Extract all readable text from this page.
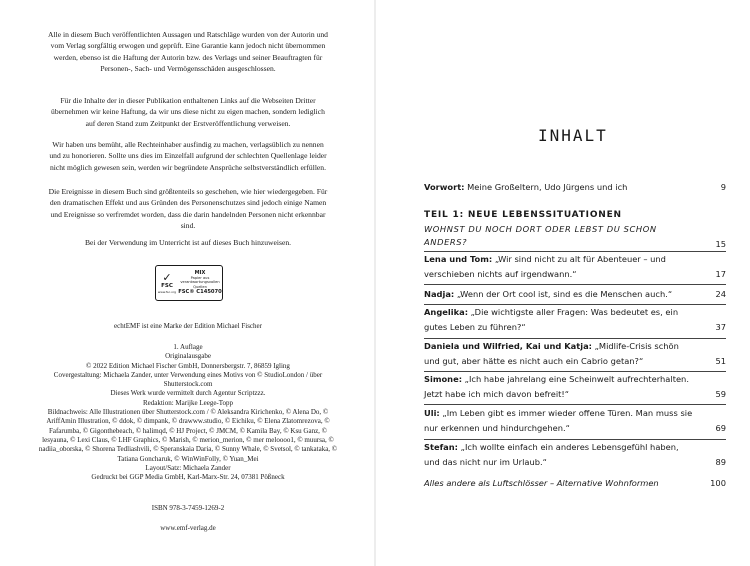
Alle in diesem Buch veröffentlichten Aussagen und Ratschläge wurden von der Autorin und vom Verlag sorgfältig erwogen und geprüft. Eine Garantie kann jedoch nicht übernommen werden, ebenso ist die Haftung der Autorin bzw. des Verlags und seiner Beauftragten für Personen-, Sach- und Vermögensschäden ausgeschlossen.

Für die Inhalte der in dieser Publikation enthaltenen Links auf die Webseiten Dritter übernehmen wir keine Haftung, da wir uns diese nicht zu eigen machen, sondern lediglich auf deren Stand zum Zeitpunkt der Erstveröffentlichung verweisen.

Wir haben uns bemüht, alle Rechteinhaber ausfindig zu machen, verlagsüblich zu nennen und zu honorieren. Sollte uns dies im Einzelfall aufgrund der schlechten Quellenlage leider nicht möglich gewesen sein, werden wir begründete Ansprüche selbstverständlich erfüllen.

Die Ereignisse in diesem Buch sind größtenteils so geschehen, wie hier wiedergegeben. Für den dramatischen Effekt und aus Gründen des Personenschutzes sind jedoch einige Namen und Ereignisse so verfremdet worden, dass die darin handelnden Personen nicht erkennbar sind.

Bei der Verwendung im Unterricht ist auf dieses Buch hinzuweisen.

✓
FSC
www.fsc.org
MIX
Papier aus verantwortungsvollen Quellen
FSC® C145070

echtEMF ist eine Marke der Edition Michael Fischer

1. Auflage
Originalausgabe
© 2022 Edition Michael Fischer GmbH, Donnersbergstr. 7, 86859 Igling
Covergestaltung: Michaela Zander, unter Verwendung eines Motivs von © StudioLondon / über Shutterstock.com
Dieses Werk wurde vermittelt durch Agentur Scriptzzz.
Redaktion: Marijke Leege-Topp
Bildnachweis: Alle Illustrationen über Shutterstock.com / © Aleksandra Kirichenko, © Alena Do, © AriffAmin Illustration, © ddok, © dimpank, © drawww.studio, © Eichiku, © Elena Zlatomrezova, © Fafarumba, © Gigonthebeach, © halimqd, © HJ Project, © JMCM, © Kamila Bay, © Ksu Ganz, © lesyauna, © Lexi Claus, © LHF Graphics, © Marish, © merion_merion, © mer meloooo1, © muursa, © nadiia_oborska, © Shorena Tedliashvili, © Speranskaia Daria, © Sunny Whale, © Svetsol, © tankataka, © Tatiana Goncharuk, © WinWinFolly, © Yuan_Mei
Layout/Satz: Michaela Zander
Gedruckt bei GGP Media GmbH, Karl-Marx-Str. 24, 07381 Pößneck

ISBN 978-3-7459-1269-2

www.emf-verlag.de

INHALT
Vorwort: Meine Großeltern, Udo Jürgens und ich	9
TEIL 1: NEUE LEBENSSITUATIONEN
WOHNST DU NOCH DORT ODER LEBST DU SCHON ANDERS?	15
Lena und Tom: „Wir sind nicht zu alt für Abenteuer – und verschieben nichts auf irgendwann.“	17
Nadja: „Wenn der Ort cool ist, sind es die Menschen auch.“	24
Angelika: „Die wichtigste aller Fragen: Was bedeutet es, ein gutes Leben zu führen?“	37
Daniela und Wilfried, Kai und Katja: „Midlife-Crisis schön und gut, aber hätte es nicht auch ein Cabrio getan?“	51
Simone: „Ich habe jahrelang eine Scheinwelt aufrechterhalten. Jetzt habe ich mich davon befreit!“	59
Uli: „Im Leben gibt es immer wieder offene Türen. Man muss sie nur erkennen und hindurchgehen.“	69
Stefan: „Ich wollte einfach ein anderes Lebensgefühl haben, und das nicht nur im Urlaub.“	89
Alles andere als Luftschlösser – Alternative Wohnformen	100
